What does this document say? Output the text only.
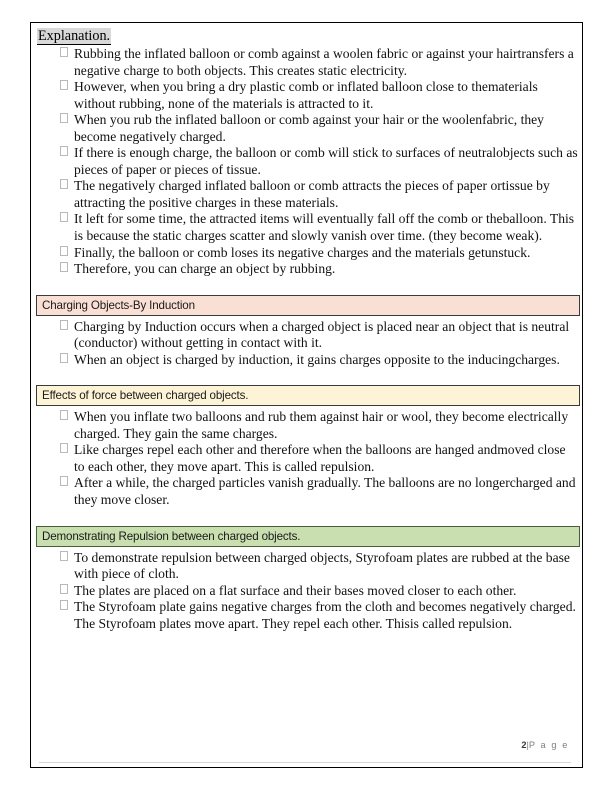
Explanation.
Rubbing the inflated balloon or comb against a woolen fabric or against your hairtransfers a negative charge to both objects. This creates static electricity.
However, when you bring a dry plastic comb or inflated balloon close to thematerials without rubbing, none of the materials is attracted to it.
When you rub the inflated balloon or comb against your hair or the woolenfabric, they become negatively charged.
If there is enough charge, the balloon or comb will stick to surfaces of neutralobjects such as pieces of paper or pieces of tissue.
The negatively charged inflated balloon or comb attracts the pieces of paper ortissue by attracting the positive charges in these materials.
It left for some time, the attracted items will eventually fall off the comb or theballoon. This is because the static charges scatter and slowly vanish over time. (they become weak).
Finally, the balloon or comb loses its negative charges and the materials getunstuck.
Therefore, you can charge an object by rubbing.
Charging Objects-By Induction
Charging by Induction occurs when a charged object is placed near an object that is neutral (conductor) without getting in contact with it.
When an object is charged by induction, it gains charges opposite to the inducingcharges.
Effects of force between charged objects.
When you inflate two balloons and rub them against hair or wool, they become electrically charged. They gain the same charges.
Like charges repel each other and therefore when the balloons are hanged andmoved close to each other, they move apart. This is called repulsion.
After a while, the charged particles vanish gradually. The balloons are no longercharged and they move closer.
Demonstrating Repulsion between charged objects.
To demonstrate repulsion between charged objects, Styrofoam plates are rubbed at the base with piece of cloth.
The plates are placed on a flat surface and their bases moved closer to each other.
The Styrofoam plate gains negative charges from the cloth and becomes negatively charged. The Styrofoam plates move apart. They repel each other. Thisis called repulsion.
2|P a g e
